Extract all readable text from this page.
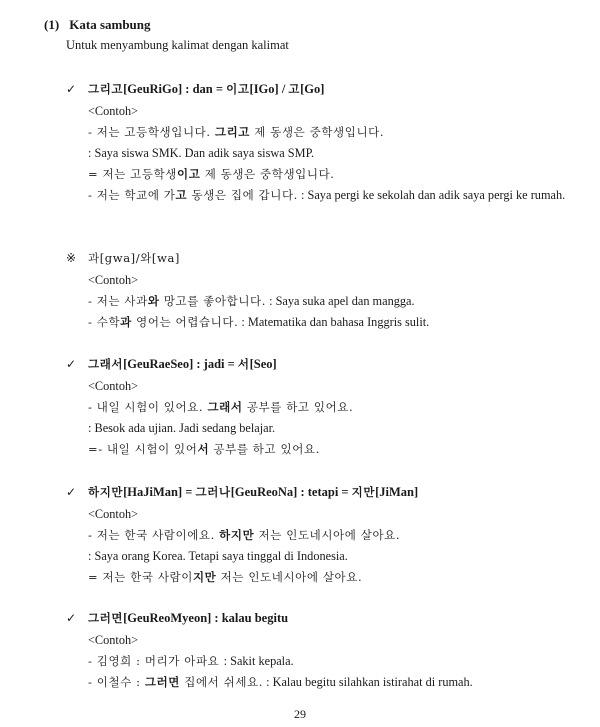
(1) Kata sambung
Untuk menyambung kalimat dengan kalimat
✓ 그리고[GeuRiGo] : dan = 이고[IGo] / 고[Go]
<Contoh>
- 저는 고등학생입니다. 그리고 제 동생은 중학생입니다.
: Saya siswa SMK. Dan adik saya siswa SMP.
= 저는 고등학생이고 제 동생은 중학생입니다.
- 저는 학교에 가고 동생은 집에 갑니다. : Saya pergi ke sekolah dan adik saya pergi ke rumah.
※ 과[gwa]/와[wa]
<Contoh>
- 저는 사과와 망고를 좋아합니다. : Saya suka apel dan mangga.
- 수학과 영어는 어렵습니다. : Matematika dan bahasa Inggris sulit.
✓ 그래서[GeuRaeSeo] : jadi = 서[Seo]
<Contoh>
- 내일 시험이 있어요. 그래서 공부를 하고 있어요.
: Besok ada ujian. Jadi sedang belajar.
=- 내일 시험이 있어서 공부를 하고 있어요.
✓ 하지만[HaJiMan] = 그러나[GeuReoNa] : tetapi = 지만[JiMan]
<Contoh>
- 저는 한국 사람이에요. 하지만 저는 인도네시아에 살아요.
: Saya orang Korea. Tetapi saya tinggal di Indonesia.
= 저는 한국 사람이지만 저는 인도네시아에 살아요.
✓ 그러면[GeuReoMyeon] : kalau begitu
<Contoh>
- 김영희 : 머리가 아파요 : Sakit kepala.
- 이철수 : 그러면 집에서 쉬세요. : Kalau begitu silahkan istirahat di rumah.
29
